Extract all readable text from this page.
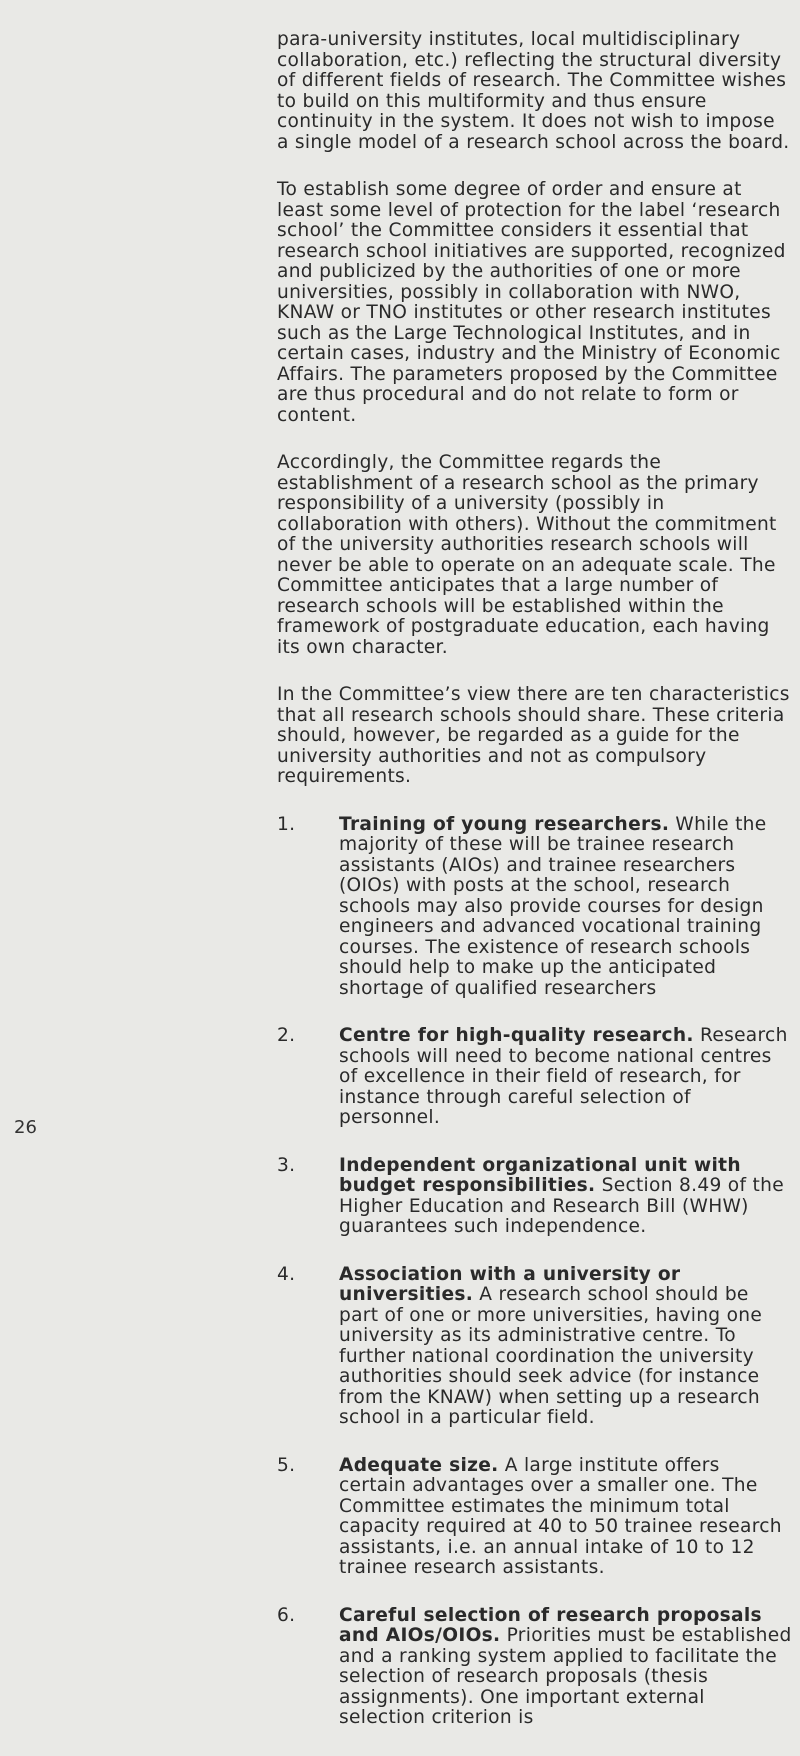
para-university institutes, local multidisciplinary collaboration, etc.) reflecting the structural diversity of different fields of research. The Committee wishes to build on this multiformity and thus ensure continuity in the system. It does not wish to impose a single model of a research school across the board.

To establish some degree of order and ensure at least some level of protection for the label ‘research school’ the Committee considers it essential that research school initiatives are supported, recognized and publicized by the authorities of one or more universities, possibly in collaboration with NWO, KNAW or TNO institutes or other research institutes such as the Large Technological Institutes, and in certain cases, industry and the Ministry of Economic Affairs. The parameters proposed by the Committee are thus procedural and do not relate to form or content.

Accordingly, the Committee regards the establishment of a research school as the primary responsibility of a university (possibly in collaboration with others). Without the commitment of the university authorities research schools will never be able to operate on an adequate scale. The Committee anticipates that a large number of research schools will be established within the framework of postgraduate education, each having its own character.

In the Committee’s view there are ten characteristics that all research schools should share. These criteria should, however, be regarded as a guide for the university authorities and not as compulsory requirements.

1.	Training of young researchers. While the majority of these will be trainee research assistants (AIOs) and trainee researchers (OIOs) with posts at the school, research schools may also provide courses for design engineers and advanced vocational training courses. The existence of research schools should help to make up the anticipated shortage of qualified researchers
2.	Centre for high-quality research. Research schools will need to become national centres of excellence in their field of research, for instance through careful selection of personnel.
3.	Independent organizational unit with budget responsibilities. Section 8.49 of the Higher Education and Research Bill (WHW) guarantees such independence.
4.	Association with a university or universities. A research school should be part of one or more universities, having one university as its administrative centre. To further national coordination the university authorities should seek advice (for instance from the KNAW) when setting up a research school in a particular field.
5.	Adequate size. A large institute offers certain advantages over a smaller one. The Committee estimates the minimum total capacity required at 40 to 50 trainee research assistants, i.e. an annual intake of 10 to 12 trainee research assistants.
6.	Careful selection of research proposals and AIOs/OIOs. Priorities must be established and a ranking system applied to facilitate the selection of research proposals (thesis assignments). One important external selection criterion is
26
